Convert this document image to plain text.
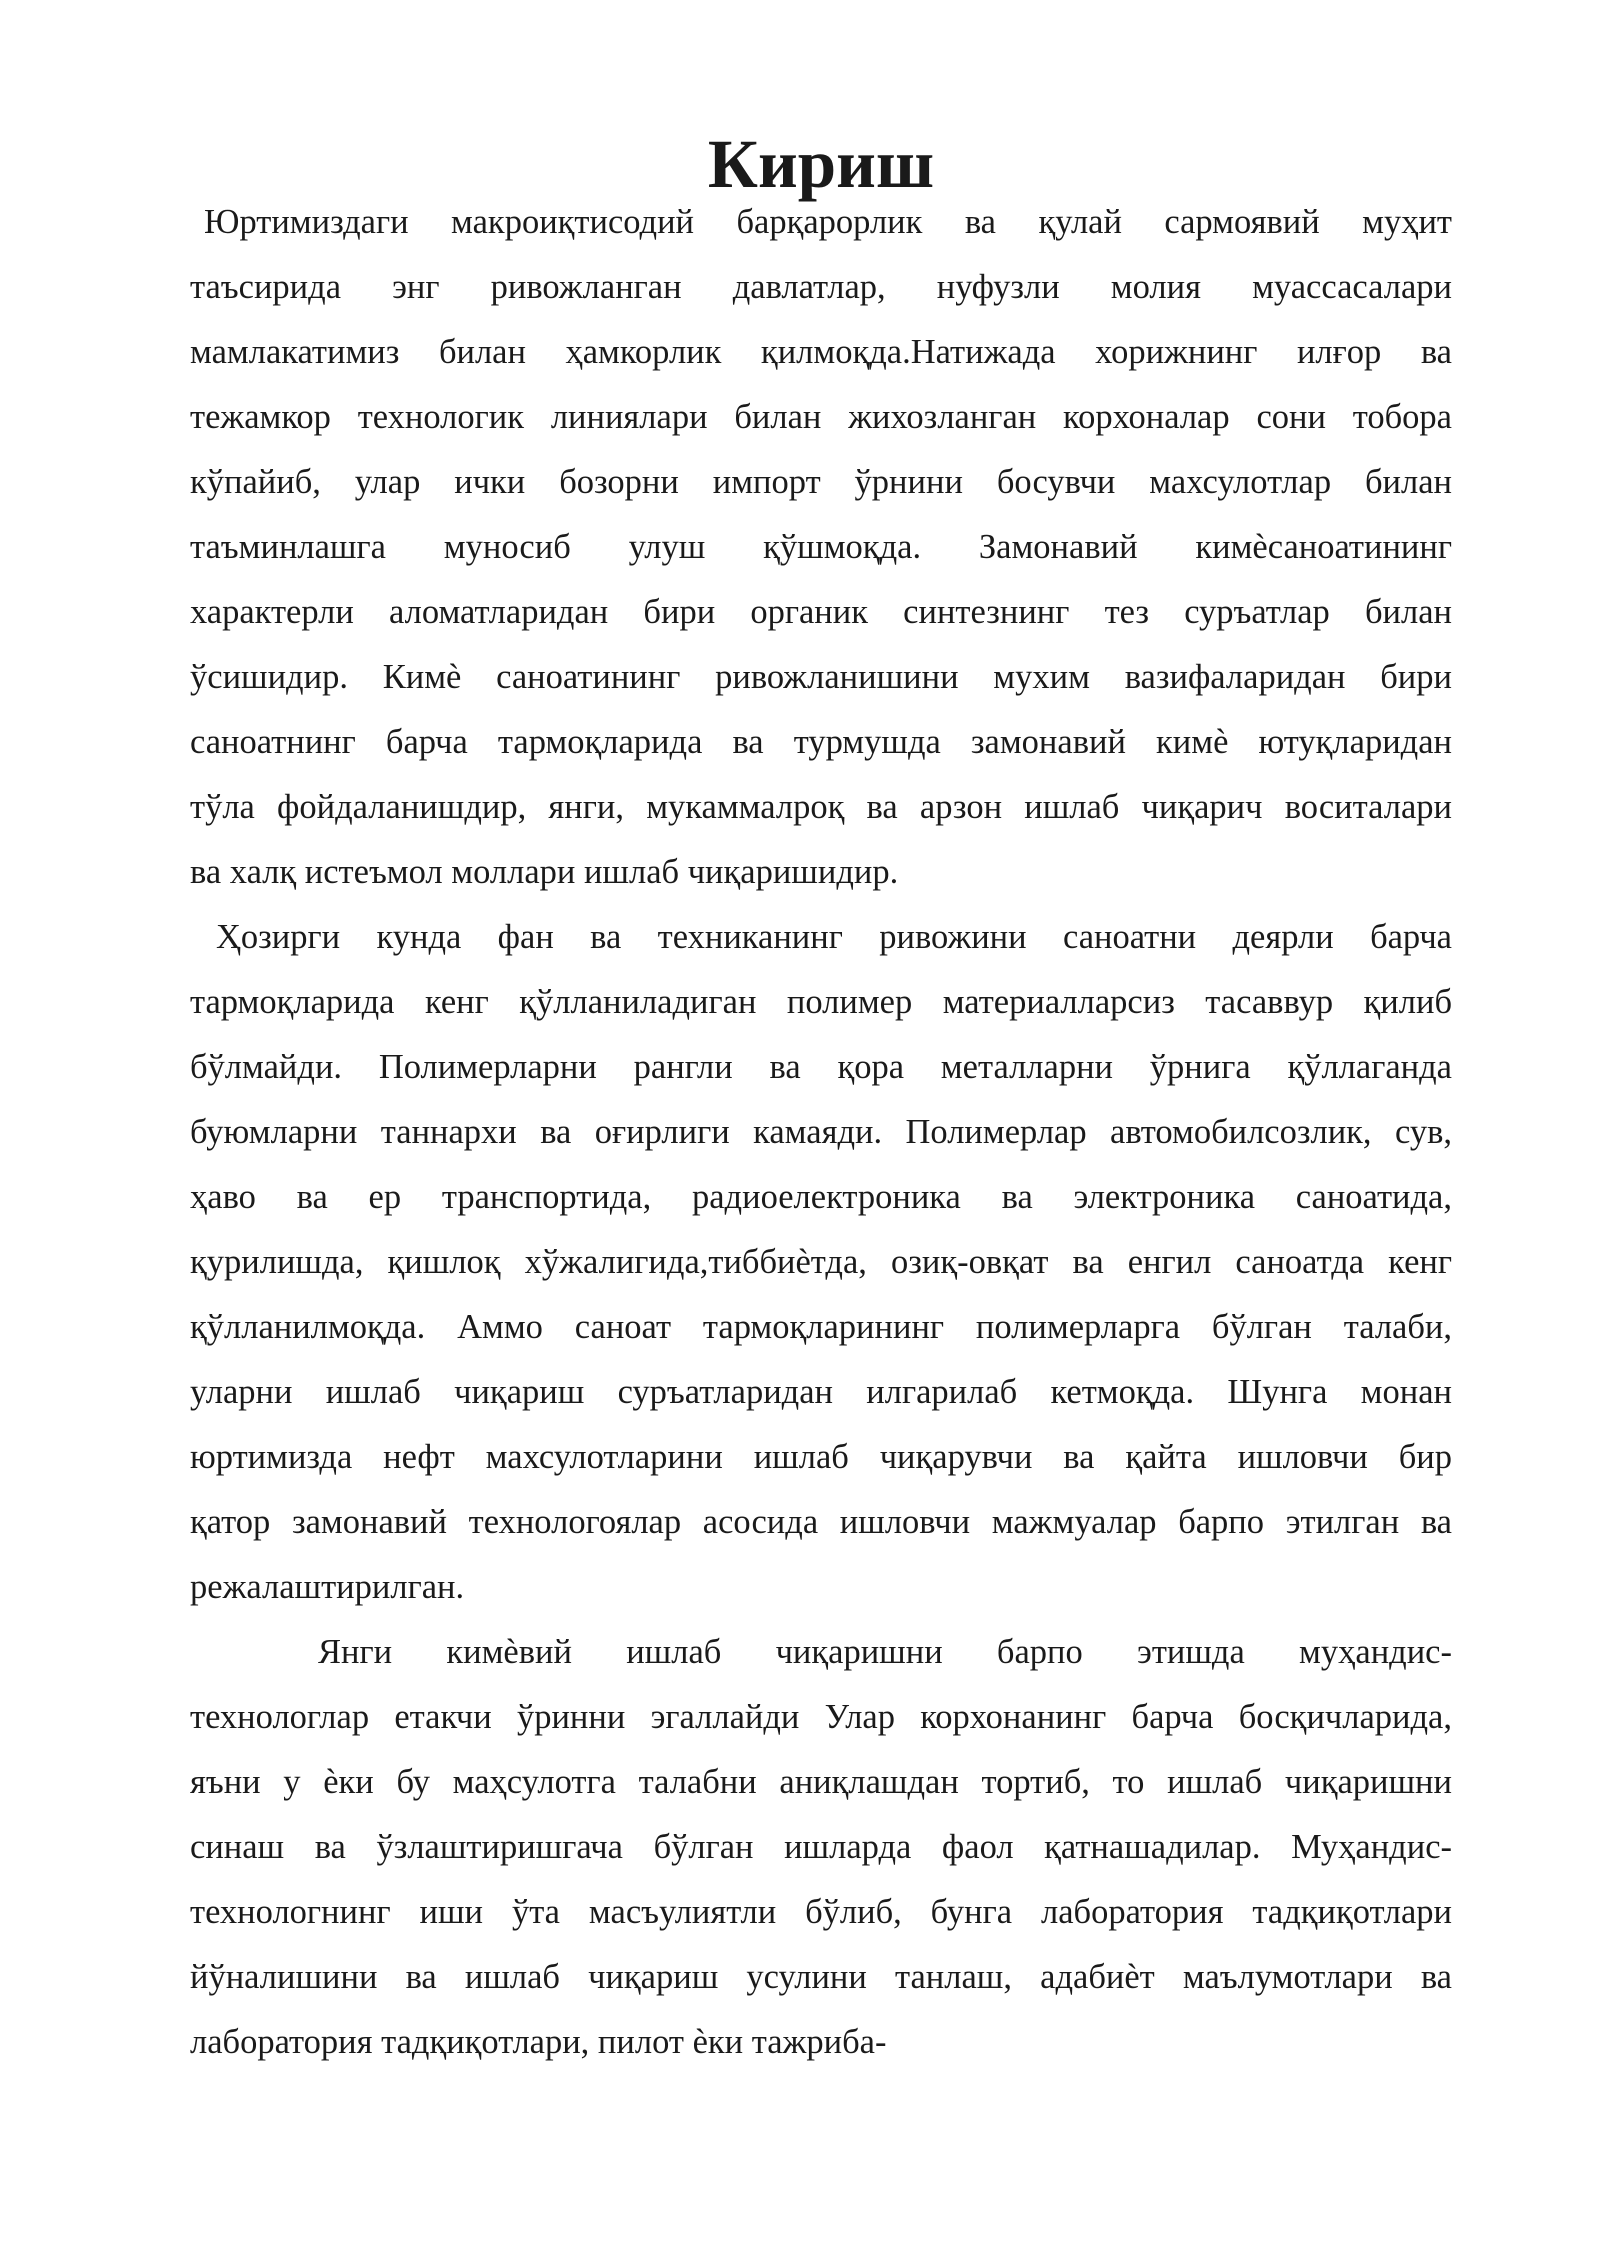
Кириш
Юртимиздаги макроиқтисодий барқарорлик ва қулай сармоявий муҳит
таъсирида энг ривожланган давлатлар, нуфузли молия муассасалари
мамлакатимиз билан ҳамкорлик қилмоқда.Натижада хорижнинг илғор ва
тежамкор технологик линиялари билан жихозланган корхоналар сони тобора
кўпайиб, улар ички бозорни импорт ўрнини босувчи махсулотлар билан
таъминлашга муносиб улуш қўшмоқда. Замонавий кимѐсаноатининг
характерли аломатларидан бири органик синтезнинг тез суръатлар билан
ўсишидир. Кимѐ саноатининг ривожланишини мухим вазифаларидан бири
саноатнинг барча тармоқларида ва турмушда замонавий кимѐ ютуқларидан
тўла фойдаланишдир, янги, мукаммалроқ ва арзон ишлаб чиқарич воситалари
ва халқ истеъмол моллари ишлаб чиқаришидир.
Ҳозирги кунда фан ва техниканинг ривожини саноатни деярли барча
тармоқларида кенг қўлланиладиган полимер материалларсиз тасаввур қилиб
бўлмайди. Полимерларни рангли ва қора металларни ўрнига қўллаганда
буюмларни таннархи ва оғирлиги камаяди. Полимерлар автомобилсозлик, сув,
ҳаво ва ер транспортида, радиоелектроника ва электроника саноатида,
қурилишда, қишлоқ хўжалигида,тиббиѐтда, озиқ-овқат ва енгил саноатда кенг
қўлланилмоқда. Аммо саноат тармоқларининг полимерларга бўлган талаби,
уларни ишлаб чиқариш суръатларидан илгарилаб кетмоқда. Шунга монан
юртимизда нефт махсулотларини ишлаб чиқарувчи ва қайта ишловчи бир
қатор замонавий технологоялар асосида ишловчи мажмуалар барпо этилган ва
режалаштирилган.
Янги кимѐвий ишлаб чиқаришни барпо этишда муҳандис-
технологлар етакчи ўринни эгаллайди Улар корхонанинг барча босқичларида,
яъни у ѐки бу маҳсулотга талабни аниқлашдан тортиб, то ишлаб чиқаришни
синаш ва ўзлаштиришгача бўлган ишларда фаол қатнашадилар. Муҳандис-
технологнинг иши ўта масъулиятли бўлиб, бунга лаборатория тадқиқотлари
йўналишини ва ишлаб чиқариш усулини танлаш, адабиѐт маълумотлари ва
лаборатория тадқиқотлари, пилот ѐки тажриба-
